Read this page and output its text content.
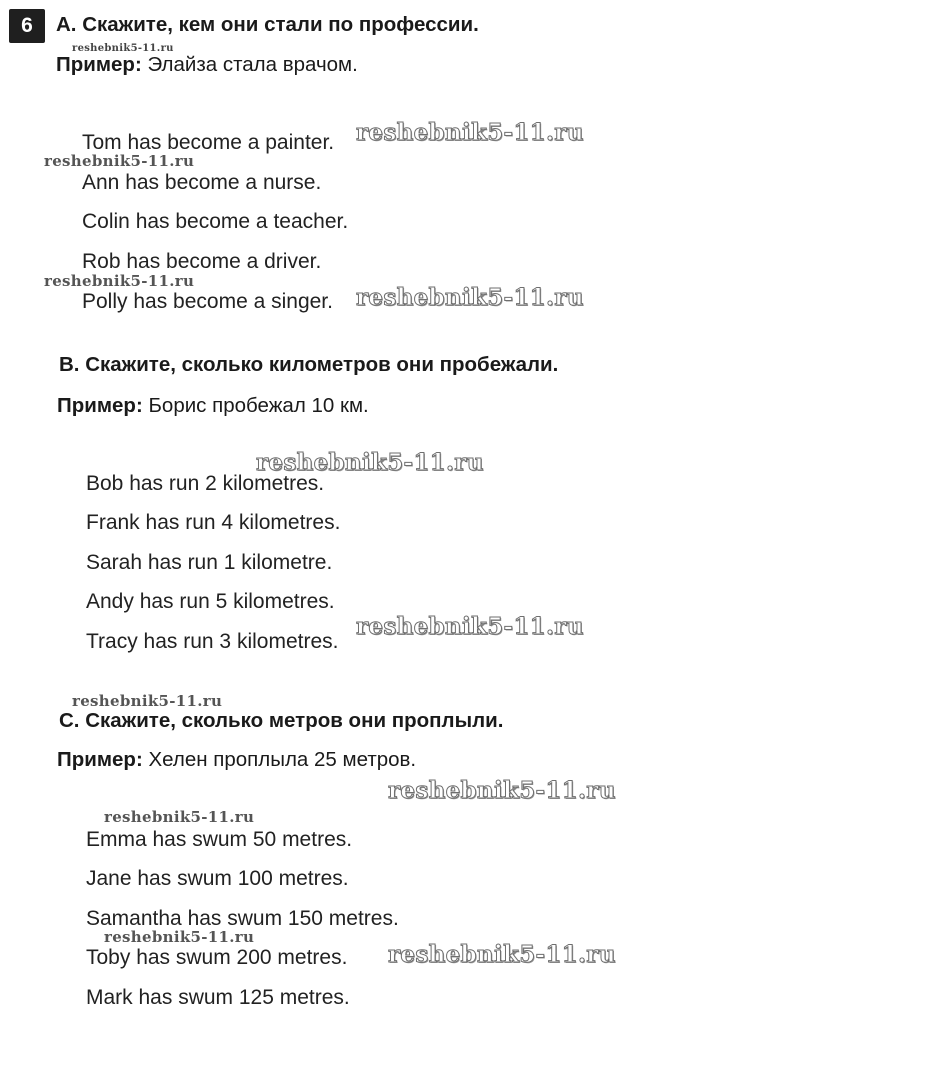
6	A. Скажите, кем они стали по профессии.
Пример: Элайза стала врачом.
Tom has become a painter.
Ann has become a nurse.
Colin has become a teacher.
Rob has become a driver.
Polly has become a singer.
B. Скажите, сколько километров они пробежали.
Пример: Борис пробежал 10 км.
Bob has run 2 kilometres.
Frank has run 4 kilometres.
Sarah has run 1 kilometre.
Andy has run 5 kilometres.
Tracy has run 3 kilometres.
C. Скажите, сколько метров они проплыли.
Пример: Хелен проплыла 25 метров.
Emma has swum 50 metres.
Jane has swum 100 metres.
Samantha has swum 150 metres.
Toby has swum 200 metres.
Mark has swum 125 metres.
reshebnik5-11.ru
reshebnik5-11.ru
reshebnik5-11.ru
reshebnik5-11.ru
reshebnik5-11.ru
reshebnik5-11.ru
reshebnik5-11.ru
reshebnik5-11.ru
reshebnik5-11.ru
reshebnik5-11.ru
reshebnik5-11.ru
reshebnik5-11.ru
